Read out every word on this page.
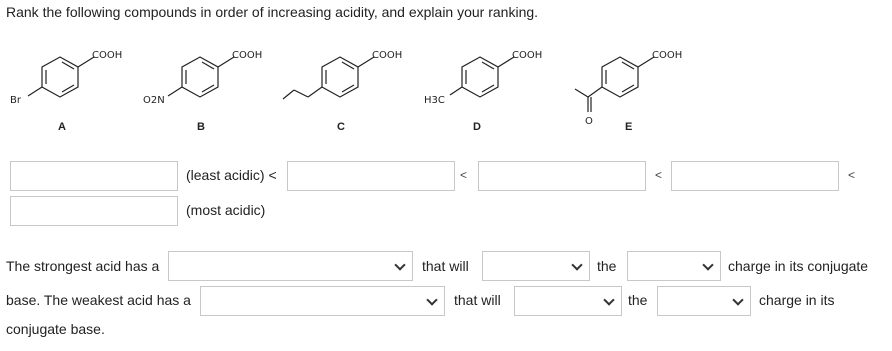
Rank the following compounds in order of increasing acidity, and explain your ranking.
COOH
Br
A
COOH
O2N
B
COOH
C
COOH
H3C
D
COOH
O	E
(least acidic) <	<	<	<
(most acidic)
The strongest acid has a	that will	the	charge in its conjugate
base. The weakest acid has a	that will	the	charge in its
conjugate base.
